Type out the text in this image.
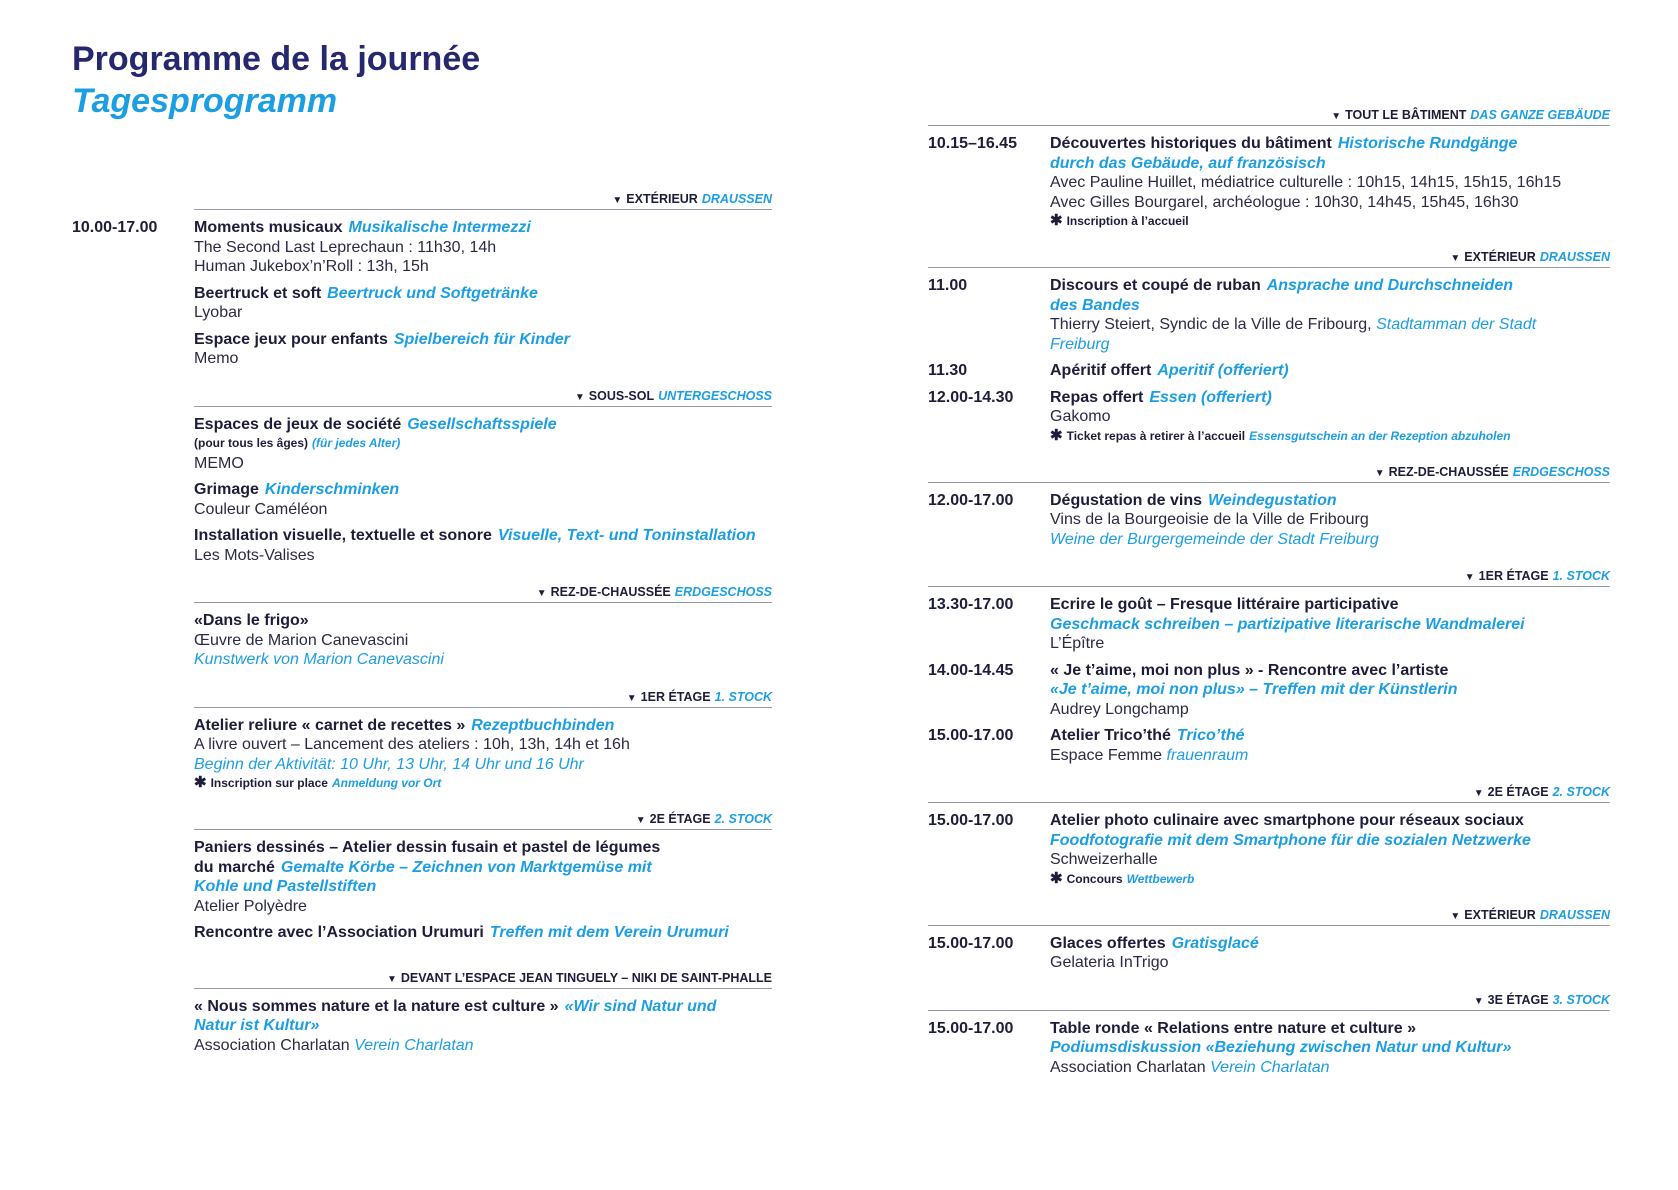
Programme de la journée
Tagesprogramm
▼ EXTÉRIEUR DRAUSSEN
10.00-17.00	Moments musicaux Musikalische Intermezzi
The Second Last Leprechaun : 11h30, 14h
Human Jukebox’n’Roll : 13h, 15h
Beertruck et soft Beertruck und Softgetränke
Lyobar
Espace jeux pour enfants Spielbereich für Kinder
Memo
▼ SOUS-SOL UNTERGESCHOSS
Espaces de jeux de société Gesellschaftsspiele
(pour tous les âges) (für jedes Alter)
MEMO
Grimage Kinderschminken
Couleur Caméléon
Installation visuelle, textuelle et sonore Visuelle, Text- und Toninstallation
Les Mots-Valises
▼ REZ-DE-CHAUSSÉE ERDGESCHOSS
«Dans le frigo»
Œuvre de Marion Canevascini
Kunstwerk von Marion Canevascini
▼ 1ER ÉTAGE 1. STOCK
Atelier reliure « carnet de recettes » Rezeptbuchbinden
A livre ouvert – Lancement des ateliers : 10h, 13h, 14h et 16h
Beginn der Aktivität: 10 Uhr, 13 Uhr, 14 Uhr und 16 Uhr
✱ Inscription sur place Anmeldung vor Ort
▼ 2E ÉTAGE 2. STOCK
Paniers dessinés – Atelier dessin fusain et pastel de légumes
du marché Gemalte Körbe – Zeichnen von Marktgemüse mit
Kohle und Pastellstiften
Atelier Polyèdre
Rencontre avec l’Association Urumuri Treffen mit dem Verein Urumuri
▼ DEVANT L’ESPACE JEAN TINGUELY – NIKI DE SAINT-PHALLE
« Nous sommes nature et la nature est culture » «Wir sind Natur und
Natur ist Kultur»
Association Charlatan Verein Charlatan
▼ TOUT LE BÂTIMENT DAS GANZE GEBÄUDE
10.15–16.45	Découvertes historiques du bâtiment Historische Rundgänge
durch das Gebäude, auf französisch
Avec Pauline Huillet, médiatrice culturelle : 10h15, 14h15, 15h15, 16h15
Avec Gilles Bourgarel, archéologue : 10h30, 14h45, 15h45, 16h30
✱ Inscription à l’accueil
▼ EXTÉRIEUR DRAUSSEN
11.00	Discours et coupé de ruban Ansprache und Durchschneiden
des Bandes
Thierry Steiert, Syndic de la Ville de Fribourg, Stadtamman der Stadt
Freiburg
11.30	Apéritif offert Aperitif (offeriert)
12.00-14.30	Repas offert Essen (offeriert)
Gakomo
✱ Ticket repas à retirer à l’accueil Essensgutschein an der Rezeption abzuholen
▼ REZ-DE-CHAUSSÉE ERDGESCHOSS
12.00-17.00	Dégustation de vins Weindegustation
Vins de la Bourgeoisie de la Ville de Fribourg
Weine der Burgergemeinde der Stadt Freiburg
▼ 1ER ÉTAGE 1. STOCK
13.30-17.00	Ecrire le goût – Fresque littéraire participative
Geschmack schreiben – partizipative literarische Wandmalerei
L’Épître
14.00-14.45	« Je t’aime, moi non plus » - Rencontre avec l’artiste
«Je t’aime, moi non plus» – Treffen mit der Künstlerin
Audrey Longchamp
15.00-17.00	Atelier Trico’thé Trico’thé
Espace Femme frauenraum
▼ 2E ÉTAGE 2. STOCK
15.00-17.00	Atelier photo culinaire avec smartphone pour réseaux sociaux
Foodfotografie mit dem Smartphone für die sozialen Netzwerke
Schweizerhalle
✱ Concours Wettbewerb
▼ EXTÉRIEUR DRAUSSEN
15.00-17.00	Glaces offertes Gratisglacé
Gelateria InTrigo
▼ 3E ÉTAGE 3. STOCK
15.00-17.00	Table ronde « Relations entre nature et culture »
Podiumsdiskussion «Beziehung zwischen Natur und Kultur»
Association Charlatan Verein Charlatan
